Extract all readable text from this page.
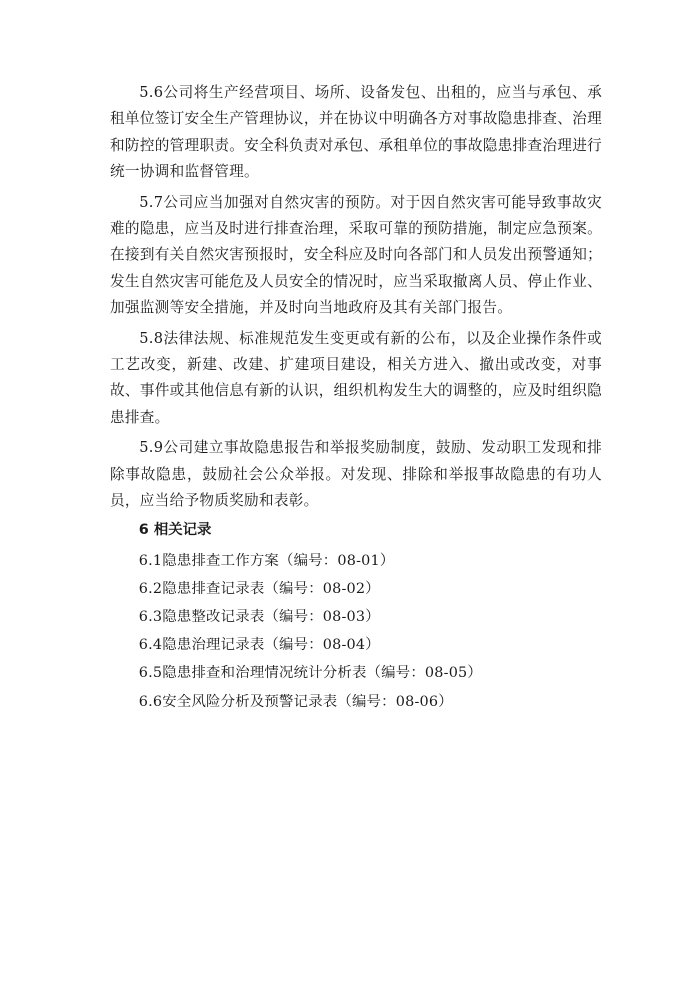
5.6公司将生产经营项目、场所、设备发包、出租的，应当与承包、承租单位签订安全生产管理协议，并在协议中明确各方对事故隐患排查、治理和防控的管理职责。安全科负责对承包、承租单位的事故隐患排查治理进行统一协调和监督管理。

5.7公司应当加强对自然灾害的预防。对于因自然灾害可能导致事故灾难的隐患，应当及时进行排查治理，采取可靠的预防措施，制定应急预案。在接到有关自然灾害预报时，安全科应及时向各部门和人员发出预警通知；发生自然灾害可能危及人员安全的情况时，应当采取撤离人员、停止作业、加强监测等安全措施，并及时向当地政府及其有关部门报告。

5.8法律法规、标准规范发生变更或有新的公布，以及企业操作条件或工艺改变，新建、改建、扩建项目建设，相关方进入、撤出或改变，对事故、事件或其他信息有新的认识，组织机构发生大的调整的，应及时组织隐患排查。

5.9公司建立事故隐患报告和举报奖励制度，鼓励、发动职工发现和排除事故隐患，鼓励社会公众举报。对发现、排除和举报事故隐患的有功人员，应当给予物质奖励和表彰。

6 相关记录
6.1隐患排查工作方案（编号：08-01）
6.2隐患排查记录表（编号：08-02）
6.3隐患整改记录表（编号：08-03）
6.4隐患治理记录表（编号：08-04）
6.5隐患排查和治理情况统计分析表（编号：08-05）
6.6安全风险分析及预警记录表（编号：08-06）
